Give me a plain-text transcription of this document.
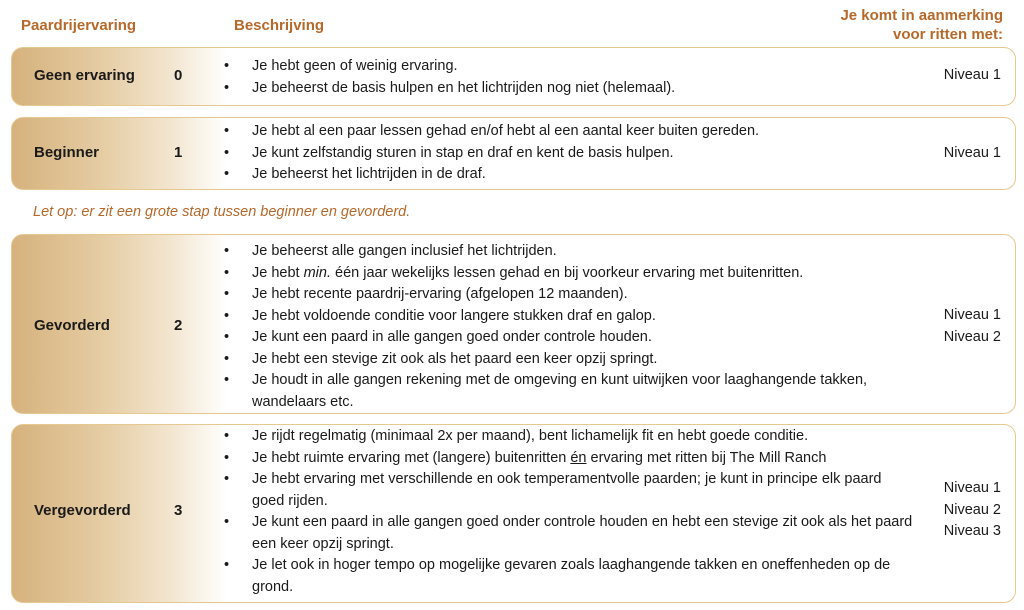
Paardrijervaring	Beschrijving
Je komt in aanmerking
voor ritten met:
Geen ervaring	0
• Je hebt geen of weinig ervaring.
• Je beheerst de basis hulpen en het lichtrijden nog niet (helemaal).
Niveau 1
Beginner	1
• Je hebt al een paar lessen gehad en/of hebt al een aantal keer buiten gereden.
• Je kunt zelfstandig sturen in stap en draf en kent de basis hulpen.
• Je beheerst het lichtrijden in de draf.
Niveau 1
Let op: er zit een grote stap tussen beginner en gevorderd.
Gevorderd	2
• Je beheerst alle gangen inclusief het lichtrijden.
• Je hebt min. één jaar wekelijks lessen gehad en bij voorkeur ervaring met buitenritten.
• Je hebt recente paardrij-ervaring (afgelopen 12 maanden).
• Je hebt voldoende conditie voor langere stukken draf en galop.
• Je kunt een paard in alle gangen goed onder controle houden.
• Je hebt een stevige zit ook als het paard een keer opzij springt.
• Je houdt in alle gangen rekening met de omgeving en kunt uitwijken voor laaghangende takken, wandelaars etc.
Niveau 1
Niveau 2
Vergevorderd	3
• Je rijdt regelmatig (minimaal 2x per maand), bent lichamelijk fit en hebt goede conditie.
• Je hebt ruimte ervaring met (langere) buitenritten én ervaring met ritten bij The Mill Ranch
• Je hebt ervaring met verschillende en ook temperamentvolle paarden; je kunt in principe elk paard goed rijden.
• Je kunt een paard in alle gangen goed onder controle houden en hebt een stevige zit ook als het paard een keer opzij springt.
• Je let ook in hoger tempo op mogelijke gevaren zoals laaghangende takken en oneffenheden op de grond.
Niveau 1
Niveau 2
Niveau 3
